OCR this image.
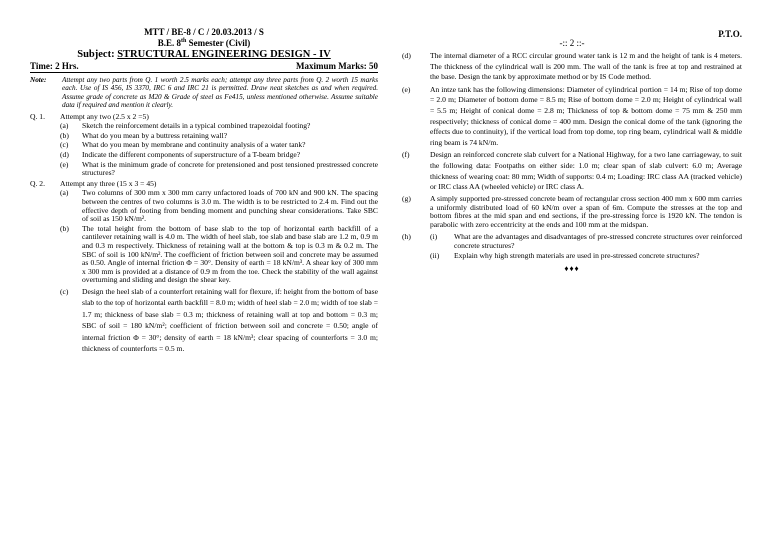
MTT / BE-8 / C / 20.03.2013 / S
B.E. 8th Semester (Civil)
Subject: STRUCTURAL ENGINEERING DESIGN - IV
Time: 2 Hrs.	Maximum Marks: 50
Note:	Attempt any two parts from Q. 1 worth 2.5 marks each; attempt any three parts from Q. 2 worth 15 marks each. Use of IS 456, IS 3370, IRC 6 and IRC 21 is permitted. Draw neat sketches as and when required. Assume grade of concrete as M20 & Grade of steel as Fe415, unless mentioned otherwise. Assume suitable data if required and mention it clearly.
Q. 1.	Attempt any two (2.5 x 2 =5)
(a)	Sketch the reinforcement details in a typical combined trapezoidal footing?
(b)	What do you mean by a buttress retaining wall?
(c)	What do you mean by membrane and continuity analysis of a water tank?
(d)	Indicate the different components of superstructure of a T-beam bridge?
(e)	What is the minimum grade of concrete for pretensioned and post tensioned prestressed concrete structures?
Q. 2.	Attempt any three (15 x 3 = 45)
(a)	Two columns of 300 mm x 300 mm carry unfactored loads of 700 kN and 900 kN. The spacing between the centres of two columns is 3.0 m. The width is to be restricted to 2.4 m. Find out the effective depth of footing from bending moment and punching shear considerations. Take SBC of soil as 150 kN/m².
(b)	The total height from the bottom of base slab to the top of horizontal earth backfill of a cantilever retaining wall is 4.0 m. The width of heel slab, toe slab and base slab are 1.2 m, 0.9 m and 0.3 m respectively. Thickness of retaining wall at the bottom & top is 0.3 m & 0.2 m. The SBC of soil is 100 kN/m². The coefficient of friction between soil and concrete may be assumed as 0.50. Angle of internal friction Φ = 30°. Density of earth = 18 kN/m³. A shear key of 300 mm x 300 mm is provided at a distance of 0.9 m from the toe. Check the stability of the wall against overturning and sliding and design the shear key.
(c)	Design the heel slab of a counterfort retaining wall for flexure, if: height from the bottom of base slab to the top of horizontal earth backfill = 8.0 m; width of heel slab = 2.0 m; width of toe slab = 1.7 m; thickness of base slab = 0.3 m; thickness of retaining wall at top and bottom = 0.3 m; SBC of soil = 180 kN/m²; coefficient of friction between soil and concrete = 0.50; angle of internal friction Φ = 30°; density of earth = 18 kN/m³; clear spacing of counterforts = 3.0 m; thickness of counterforts = 0.5 m.
P.T.O.
-:: 2 ::-
(d)	The internal diameter of a RCC circular ground water tank is 12 m and the height of tank is 4 meters. The thickness of the cylindrical wall is 200 mm. The wall of the tank is free at top and restrained at the base. Design the tank by approximate method or by IS Code method.
(e)	An intze tank has the following dimensions: Diameter of cylindrical portion = 14 m; Rise of top dome = 2.0 m; Diameter of bottom dome = 8.5 m; Rise of bottom dome = 2.0 m; Height of cylindrical wall = 5.5 m; Height of conical dome = 2.8 m; Thickness of top & bottom dome = 75 mm & 250 mm respectively; thickness of conical dome = 400 mm. Design the conical dome of the tank (ignoring the effects due to continuity), if the vertical load from top dome, top ring beam, cylindrical wall & middle ring beam is 74 kN/m.
(f)	Design an reinforced concrete slab culvert for a National Highway, for a two lane carriageway, to suit the following data: Footpaths on either side: 1.0 m; clear span of slab culvert: 6.0 m; Average thickness of wearing coat: 80 mm; Width of supports: 0.4 m; Loading: IRC class AA (tracked vehicle) or IRC class AA (wheeled vehicle) or IRC class A.
(g)	A simply supported pre-stressed concrete beam of rectangular cross section 400 mm x 600 mm carries a uniformly distributed load of 60 kN/m over a span of 6m. Compute the stresses at the top and bottom fibres at the mid span and end sections, if the pre-stressing force is 1920 kN. The tendon is parabolic with zero eccentricity at the ends and 100 mm at the midspan.
(h)	(i)	What are the advantages and disadvantages of pre-stressed concrete structures over reinforced concrete structures?
(ii)	Explain why high strength materials are used in pre-stressed concrete structures?
♦♦♦
